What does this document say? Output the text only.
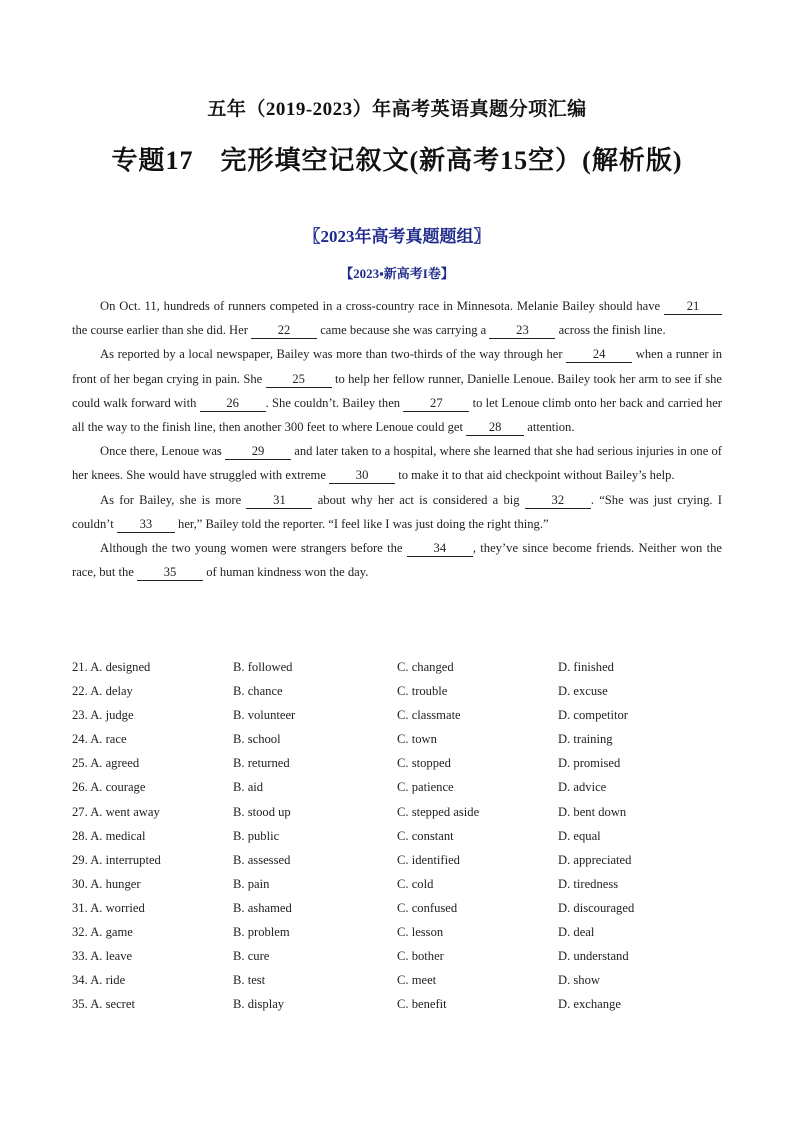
五年（2019-2023）年高考英语真题分项汇编
专题17　完形填空记叙文(新高考15空）(解析版)
〖2023年高考真题题组〗
【2023▪新高考I卷】

On Oct. 11, hundreds of runners competed in a cross-country race in Minnesota. Melanie Bailey should have 21 the course earlier than she did. Her 22 came because she was carrying a 23 across the finish line.

As reported by a local newspaper, Bailey was more than two-thirds of the way through her 24 when a runner in front of her began crying in pain. She 25 to help her fellow runner, Danielle Lenoue. Bailey took her arm to see if she could walk forward with 26 . She couldn’t. Bailey then 27 to let Lenoue climb onto her back and carried her all the way to the finish line, then another 300 feet to where Lenoue could get 28 attention.

Once there, Lenoue was 29 and later taken to a hospital, where she learned that she had serious injuries in one of her knees. She would have struggled with extreme 30 to make it to that aid checkpoint without Bailey’s help.

As for Bailey, she is more 31 about why her act is considered a big 32 . “She was just crying. I couldn’t 33 her,” Bailey told the reporter. “I feel like I was just doing the right thing.”

Although the two young women were strangers before the 34 , they’ve since become friends. Neither won the race, but the 35 of human kindness won the day.

21. A. designed	B. followed	C. changed	D. finished
22. A. delay	B. chance	C. trouble	D. excuse
23. A. judge	B. volunteer	C. classmate	D. competitor
24. A. race	B. school	C. town	D. training
25. A. agreed	B. returned	C. stopped	D. promised
26. A. courage	B. aid	C. patience	D. advice
27. A. went away	B. stood up	C. stepped aside	D. bent down
28. A. medical	B. public	C. constant	D. equal
29. A. interrupted	B. assessed	C. identified	D. appreciated
30. A. hunger	B. pain	C. cold	D. tiredness
31. A. worried	B. ashamed	C. confused	D. discouraged
32. A. game	B. problem	C. lesson	D. deal
33. A. leave	B. cure	C. bother	D. understand
34. A. ride	B. test	C. meet	D. show
35. A. secret	B. display	C. benefit	D. exchange
